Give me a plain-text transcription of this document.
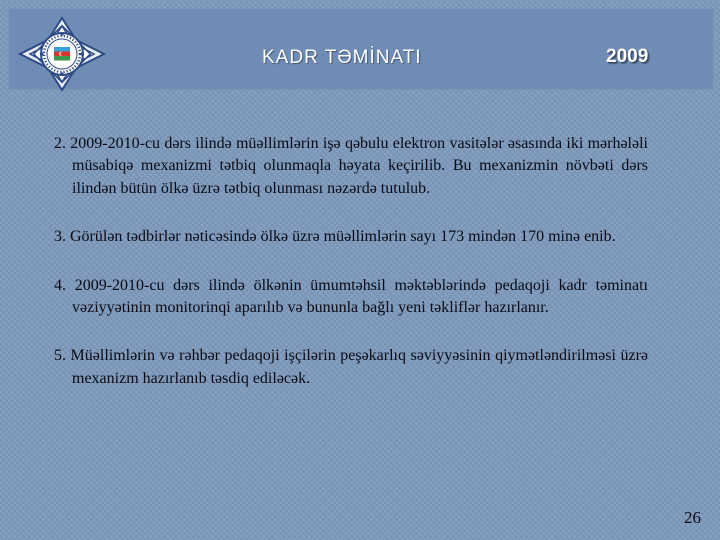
KADR TƏMİNATI	2009
2. 2009-2010-cu dərs ilində müəllimlərin işə qəbulu elektron vasitələr əsasında iki mərhələli müsabiqə mexanizmi tətbiq olunmaqla həyata keçirilib. Bu mexanizmin növbəti dərs ilindən bütün ölkə üzrə tətbiq olunması nəzərdə tutulub.
3. Görülən tədbirlər nəticəsində ölkə üzrə müəllimlərin sayı 173 mindən 170 minə enib.
4. 2009-2010-cu dərs ilində ölkənin ümumtəhsil məktəblərində pedaqoji kadr təminatı vəziyyətinin monitorinqi aparılıb və bununla bağlı yeni təkliflər hazırlanır.
5. Müəllimlərin və rəhbər pedaqoji işçilərin peşəkarlıq səviyyəsinin qiymətləndirilməsi üzrə mexanizm hazırlanıb təsdiq ediləcək.
26
